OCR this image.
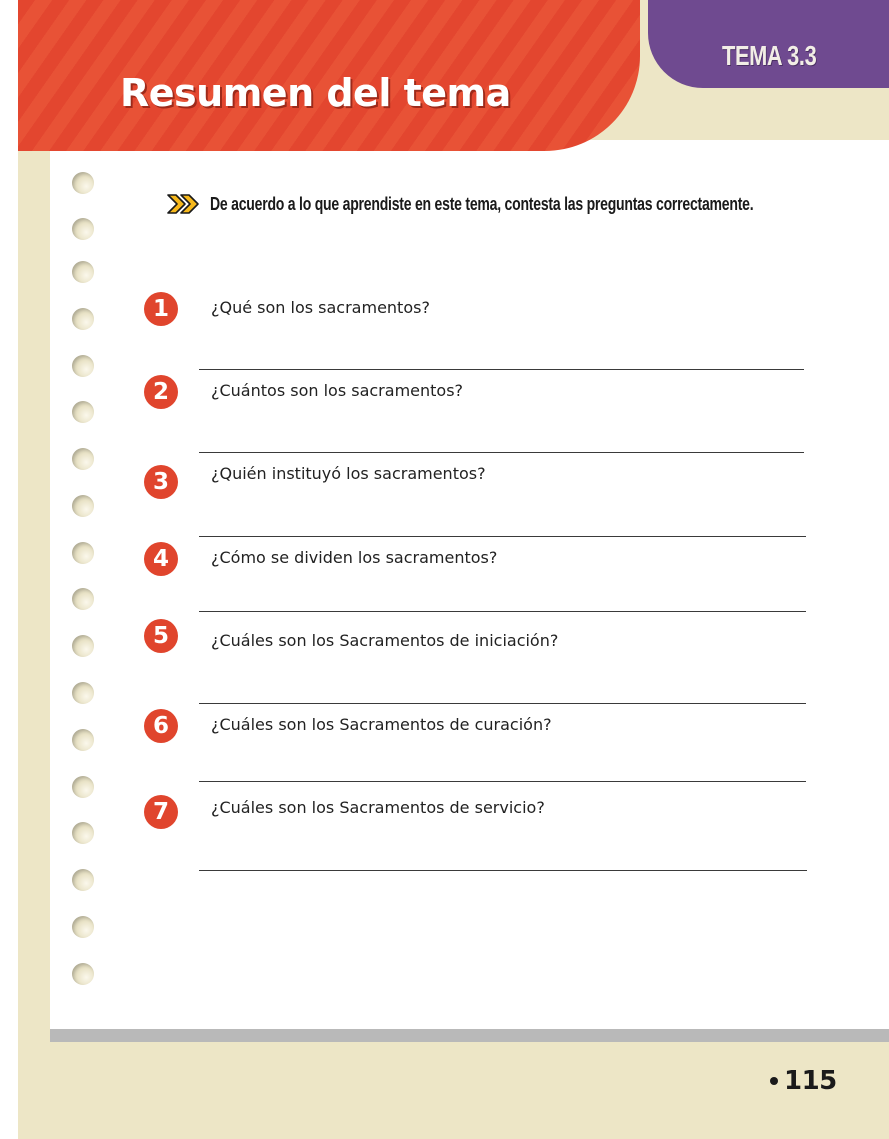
Resumen del tema
TEMA 3.3
De acuerdo a lo que aprendiste en este tema, contesta las preguntas correctamente.
1	¿Qué son los sacramentos?
2	¿Cuántos son los sacramentos?
3	¿Quién instituyó los sacramentos?
4	¿Cómo se dividen los sacramentos?
5	¿Cuáles son los Sacramentos de iniciación?
6	¿Cuáles son los Sacramentos de curación?
7	¿Cuáles son los Sacramentos de servicio?
115
